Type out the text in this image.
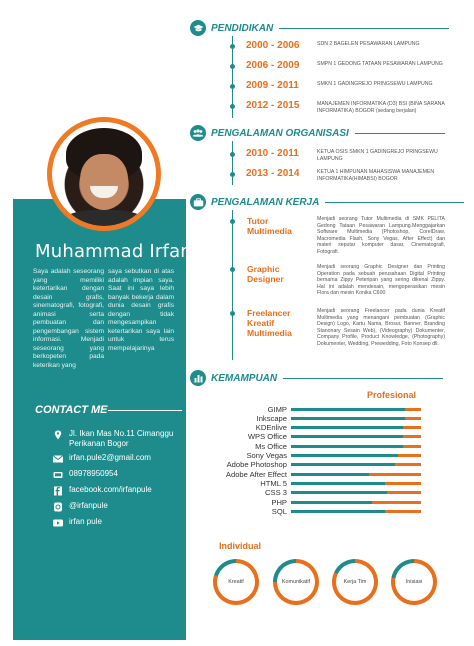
Muhammad Irfan
Saya adalah seseorang yang memiliki ketertarikan dengan desain grafis, sinematografi, fotografi, animasi serta pembuatan dan pengembangan sistem informasi. Menjadi seseorang yang berkopeten pada keterikan yang
saya sebutkan di atas adalah impian saya. Saat ini saya lebih banyak bekerja dalam dunia desain grafis dengan tidak mengesampikan ketertarikan saya lain untuk terus mempelajarinya
CONTACT ME
Jl. Ikan Mas No.11 Cimanggu Perikanan Bogor
irfan.pule2@gmail.com
08978950954
facebook.com/irfanpule
@irfanpule
irfan pule
PENDIDIKAN
2000 - 2006	SDN 2 BAGELEN PESAWARAN LAMPUNG
2006 - 2009	SMPN 1 GEDONG TATAAN PESAWARAN LAMPUNG
2009 - 2011	SMKN 1 GADINGREJO PRINGSEWU LAMPUNG
2012 - 2015	MANAJEMEN INFORMATIKA (D3) BSI (BINA SARANA INFORMATIKA) BOGOR (sedang berjalan)
PENGALAMAN ORGANISASI
2010 - 2011	KETUA OSIS SMKN 1 GADINGREJO PRINGSEWU LAMPUNG
2013 - 2014	KETUA 1 HIMPUNAN MAHASISWA MANAJEMEN INFORMATIKA(HIMABSI) BOGOR
PENGALAMAN KERJA
Tutor Multimedia
Menjadi seorang Tutor Multimedia di SMK PELITA Gedong Tataan Pesawaran Lampung.Menggajarkan Software Multimedia (Photoshop, CorelDraw, Macromedia Flash, Sony Vegas, After Effect) dan materi seputar komputer dasar, Cinematografi, Fotografi.
Graphic Designer
Menjadi seorang Graphic Designer dan Printing Operation pada sebuah perusahaan Digital Printing bernama Zippy Peteripan yang sering dikenal Zippy. Hal ini adalah mendesain, mengoperasikan mesin Flora dan mesin Konika C600
Freelancer Kreatif Multimedia
Menjadi seorang Freelancer pada dunia Kreatif Multimedia yang menangani pembuatan (Graphic Design) Logo, Kartu Nama, Brosur, Banner, Branding Stanonary Sesain Web), (Videography) Dokumenter, Company Profile, Product Knowledge, (Photography) Dokumenter, Wedding, Prewedding, Foto Konsep dll.
KEMAMPUAN
Profesional
GIMP
Inkscape
KDEnlive
WPS Office
Ms Office
Sony Vegas
Adobe Photoshop
Adobe After Effect
HTML 5
CSS 3
PHP
SQL
Individual
Kreatif	Komunikatif	Kerja Tim	Inisiasi
